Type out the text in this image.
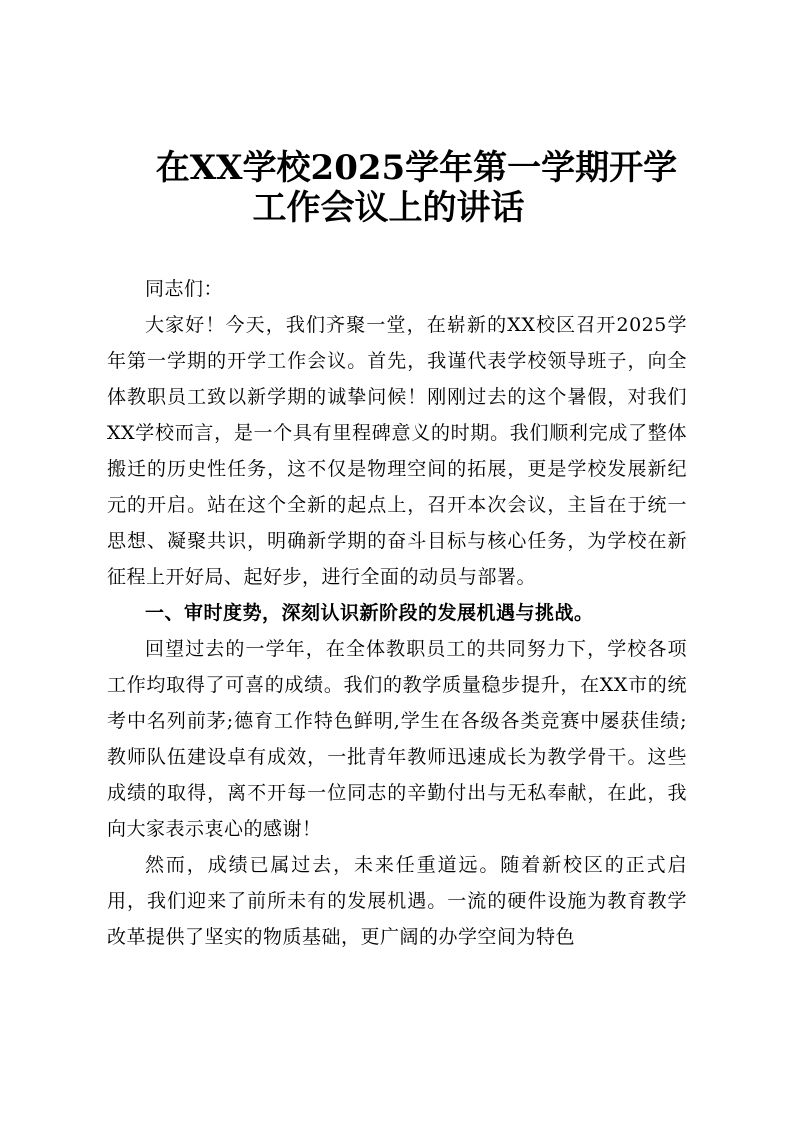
在XX学校2025学年第一学期开学
工作会议上的讲话

同志们：

大家好！今天，我们齐聚一堂，在崭新的XX校区召开2025学年第一学期的开学工作会议。首先，我谨代表学校领导班子，向全体教职员工致以新学期的诚挚问候！刚刚过去的这个暑假，对我们XX学校而言，是一个具有里程碑意义的时期。我们顺利完成了整体搬迁的历史性任务，这不仅是物理空间的拓展，更是学校发展新纪元的开启。站在这个全新的起点上，召开本次会议，主旨在于统一思想、凝聚共识，明确新学期的奋斗目标与核心任务，为学校在新征程上开好局、起好步，进行全面的动员与部署。

一、审时度势，深刻认识新阶段的发展机遇与挑战。

回望过去的一学年，在全体教职员工的共同努力下，学校各项工作均取得了可喜的成绩。我们的教学质量稳步提升，在XX市的统考中名列前茅;德育工作特色鲜明,学生在各级各类竞赛中屡获佳绩;教师队伍建设卓有成效，一批青年教师迅速成长为教学骨干。这些成绩的取得，离不开每一位同志的辛勤付出与无私奉献，在此，我向大家表示衷心的感谢！

然而，成绩已属过去，未来任重道远。随着新校区的正式启用，我们迎来了前所未有的发展机遇。一流的硬件设施为教育教学改革提供了坚实的物质基础，更广阔的办学空间为特色
